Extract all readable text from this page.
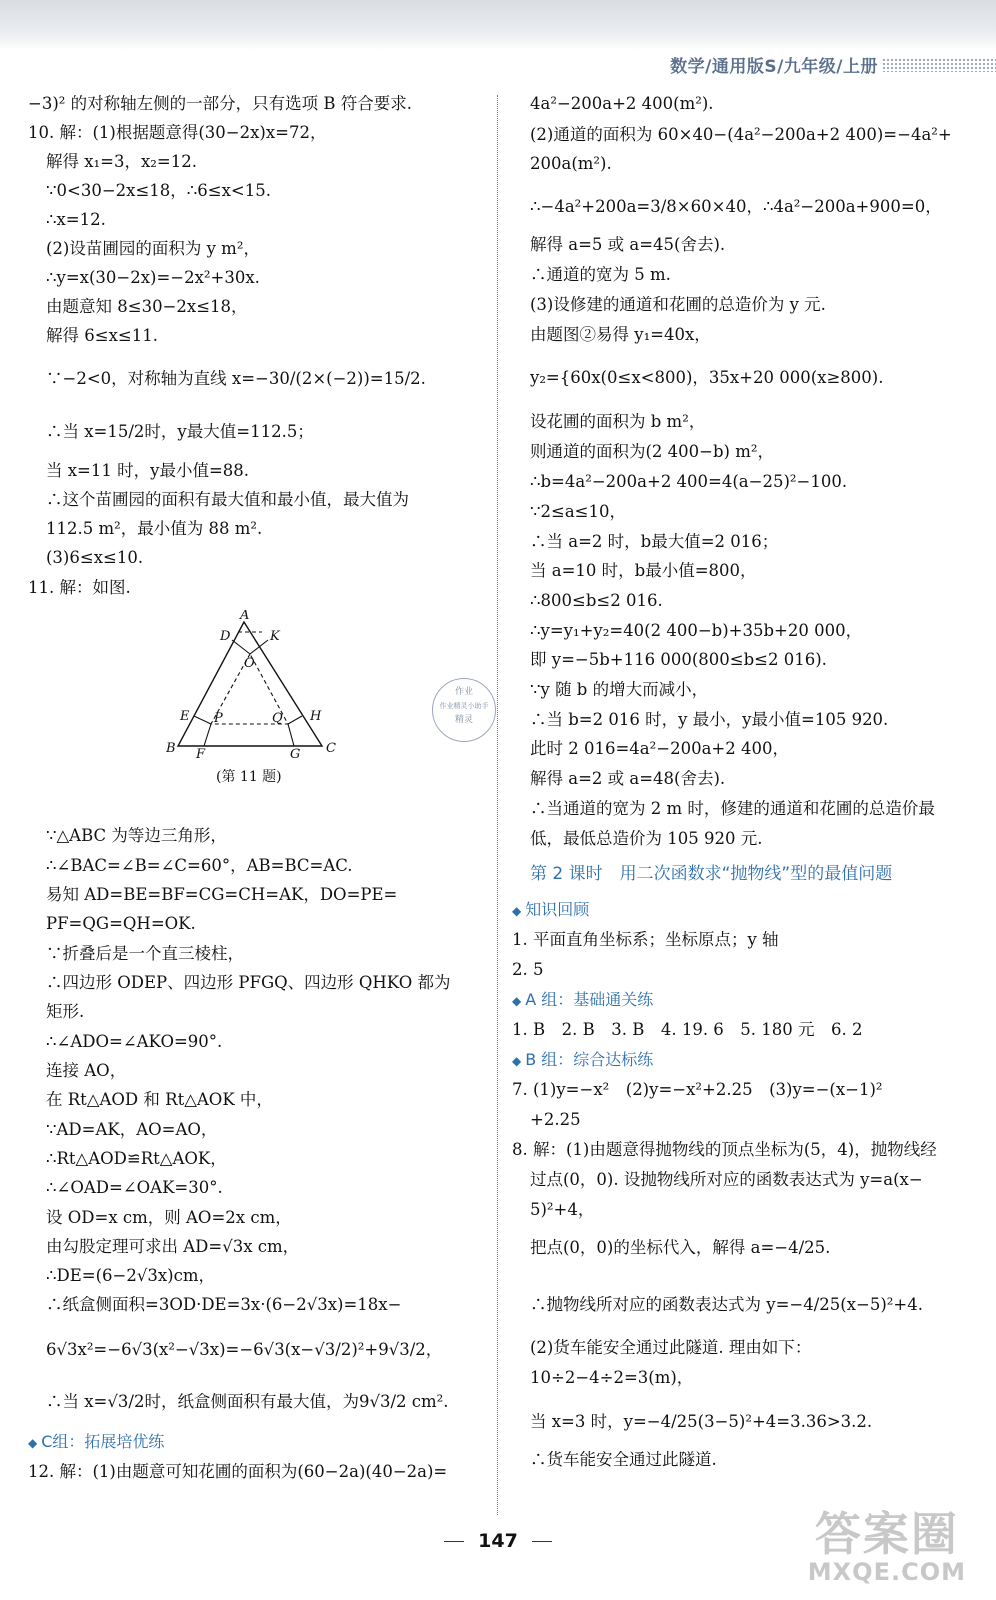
数学/通用版S/九年级/上册
−3)² 的对称轴左侧的一部分，只有选项 B 符合要求.
10. 解：(1)根据题意得(30−2x)x=72，
解得 x₁=3，x₂=12.
∵0<30−2x≤18，∴6≤x<15.
∴x=12.
(2)设苗圃园的面积为 y m²，
∴y=x(30−2x)=−2x²+30x.
由题意知 8≤30−2x≤18，
解得 6≤x≤11.
∵−2<0，对称轴为直线 x=−30/(2×(−2))=15/2.
∴当 x=15/2时，y最大值=112.5；
当 x=11 时，y最小值=88.
∴这个苗圃园的面积有最大值和最小值，最大值为
112.5 m²，最小值为 88 m².
(3)6≤x≤10.
11. 解：如图.
A
D	K
O
E P	Q H
B F	G C
(第 11 题)
∵△ABC 为等边三角形，
∴∠BAC=∠B=∠C=60°，AB=BC=AC.
易知 AD=BE=BF=CG=CH=AK，DO=PE=
PF=QG=QH=OK.
∵折叠后是一个直三棱柱，
∴四边形 ODEP、四边形 PFGQ、四边形 QHKO 都为
矩形.
∴∠ADO=∠AKO=90°.
连接 AO，
在 Rt△AOD 和 Rt△AOK 中，
∵AD=AK，AO=AO，
∴Rt△AOD≌Rt△AOK，
∴∠OAD=∠OAK=30°.
设 OD=x cm，则 AO=2x cm，
由勾股定理可求出 AD=√3x cm，
∴DE=(6−2√3x)cm，
∴纸盒侧面积=3OD·DE=3x·(6−2√3x)=18x−
6√3x²=−6√3(x²−√3x)=−6√3(x−√3/2)²+9√3/2，
∴当 x=√3/2时，纸盒侧面积有最大值，为9√3/2 cm².
◆ C组：拓展培优练
12. 解：(1)由题意可知花圃的面积为(60−2a)(40−2a)=
作业
作业精灵小助手
精灵
4a²−200a+2 400(m²).
(2)通道的面积为 60×40−(4a²−200a+2 400)=−4a²+
200a(m²).
∴−4a²+200a=3/8×60×40，∴4a²−200a+900=0，
解得 a=5 或 a=45(舍去).
∴通道的宽为 5 m.
(3)设修建的通道和花圃的总造价为 y 元.
由题图②易得 y₁=40x，
y₂={60x(0≤x<800)，35x+20 000(x≥800).
设花圃的面积为 b m²，
则通道的面积为(2 400−b) m²，
∴b=4a²−200a+2 400=4(a−25)²−100.
∵2≤a≤10，
∴当 a=2 时，b最大值=2 016；
当 a=10 时，b最小值=800，
∴800≤b≤2 016.
∴y=y₁+y₂=40(2 400−b)+35b+20 000，
即 y=−5b+116 000(800≤b≤2 016).
∵y 随 b 的增大而减小，
∴当 b=2 016 时，y 最小，y最小值=105 920.
此时 2 016=4a²−200a+2 400，
解得 a=2 或 a=48(舍去).
∴当通道的宽为 2 m 时，修建的通道和花圃的总造价最
低，最低总造价为 105 920 元.
第 2 课时　用二次函数求“抛物线”型的最值问题
◆ 知识回顾
1. 平面直角坐标系；坐标原点；y 轴
2. 5
◆ A 组：基础通关练
1. B　2. B　3. B　4. 19. 6　5. 180 元　6. 2
◆ B 组：综合达标练
7. (1)y=−x²　(2)y=−x²+2.25　(3)y=−(x−1)²
+2.25
8. 解：(1)由题意得抛物线的顶点坐标为(5，4)，抛物线经
过点(0，0). 设抛物线所对应的函数表达式为 y=a(x−
5)²+4，
把点(0，0)的坐标代入，解得 a=−4/25.
∴抛物线所对应的函数表达式为 y=−4/25(x−5)²+4.
(2)货车能安全通过此隧道. 理由如下：
10÷2−4÷2=3(m)，
当 x=3 时，y=−4/25(3−5)²+4=3.36>3.2.
∴货车能安全通过此隧道.
147	答案圈
MXQE.COM
